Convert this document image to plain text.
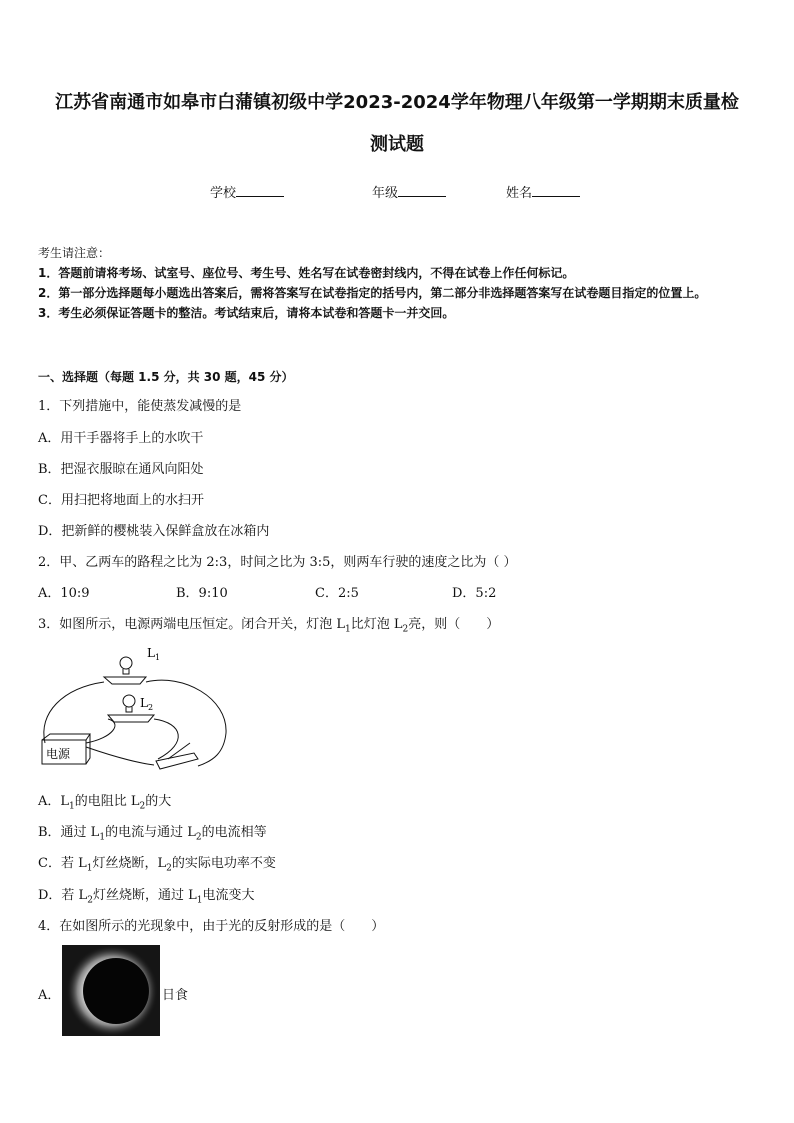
江苏省南通市如皋市白蒲镇初级中学2023-2024学年物理八年级第一学期期末质量检
测试题
学校	年级	姓名
考生请注意：
1．答题前请将考场、试室号、座位号、考生号、姓名写在试卷密封线内，不得在试卷上作任何标记。
2．第一部分选择题每小题选出答案后，需将答案写在试卷指定的括号内，第二部分非选择题答案写在试卷题目指定的位置上。
3．考生必须保证答题卡的整洁。考试结束后，请将本试卷和答题卡一并交回。
一、选择题（每题 1.5 分，共 30 题，45 分）
1．下列措施中，能使蒸发减慢的是
A．用干手器将手上的水吹干
B．把湿衣服晾在通风向阳处
C．用扫把将地面上的水扫开
D．把新鲜的樱桃装入保鲜盒放在冰箱内
2．甲、乙两车的路程之比为 2:3，时间之比为 3:5，则两车行驶的速度之比为（ ）
A．10:9	B．9:10	C．2:5	D．5:2
3．如图所示，电源两端电压恒定。闭合开关，灯泡 $L_1$比灯泡 $L_2$亮，则（　　）
电源
$L_1$
$L_2$
A．$L_1$的电阻比 $L_2$的大
B．通过 $L_1$的电流与通过 $L_2$的电流相等
C．若 $L_1$灯丝烧断，$L_2$的实际电功率不变
D．若 $L_2$灯丝烧断，通过 $L_1$电流变大
4．在如图所示的光现象中，由于光的反射形成的是（　　）
A．	日食
